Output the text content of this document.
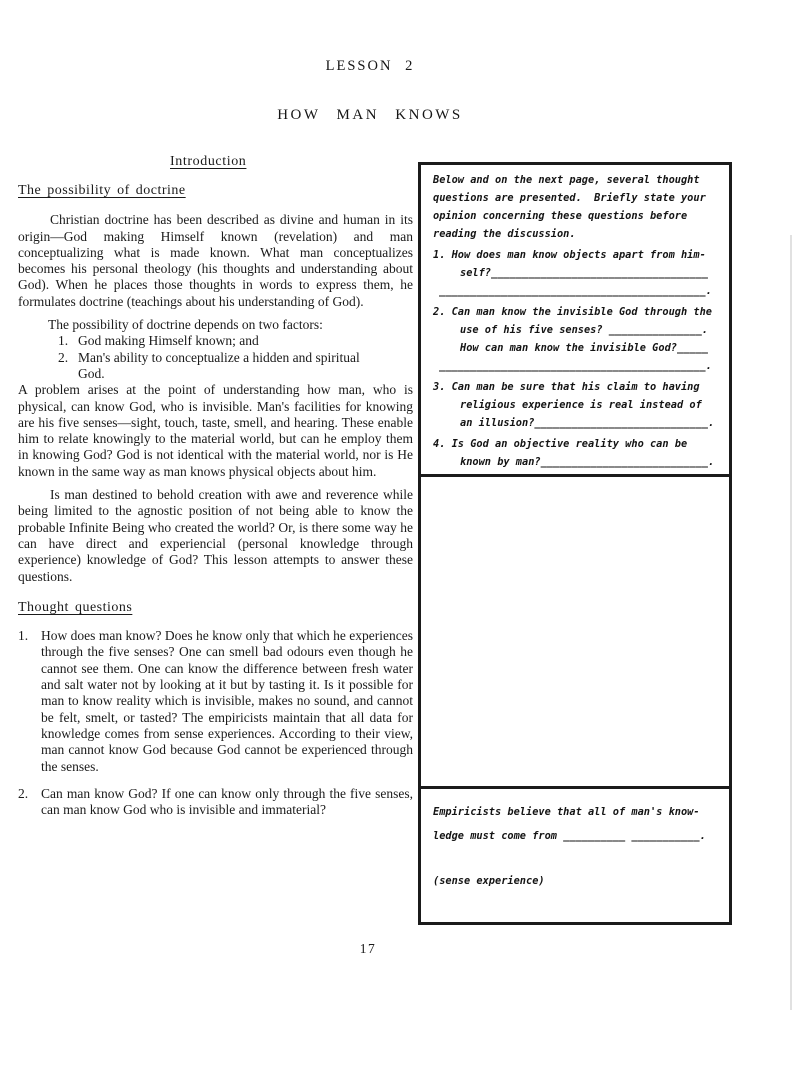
LESSON 2
HOW MAN KNOWS
Introduction
The possibility of doctrine

Christian doctrine has been described as divine and human in its origin—God making Himself known (revelation) and man conceptualizing what is made known. What man conceptualizes becomes his personal theology (his thoughts and understanding about God). When he places those thoughts in words to express them, he formulates doctrine (teachings about his understanding of God).

The possibility of doctrine depends on two factors:

1. God making Himself known; and
2. Man's ability to conceptualize a hidden and spiritual God.

A problem arises at the point of understanding how man, who is physical, can know God, who is invisible. Man's facilities for knowing are his five senses—sight, touch, taste, smell, and hearing. These enable him to relate knowingly to the material world, but can he employ them in knowing God? God is not identical with the material world, nor is He known in the same way as man knows physical objects about him.

Is man destined to behold creation with awe and reverence while being limited to the agnostic position of not being able to know the probable Infinite Being who created the world? Or, is there some way he can have direct and experiencial (personal knowledge through experience) knowledge of God? This lesson attempts to answer these questions.

Thought questions
1. How does man know? Does he know only that which he experiences through the five senses? One can smell bad odours even though he cannot see them. One can know the difference between fresh water and salt water not by looking at it but by tasting it. Is it possible for man to know reality which is invisible, makes no sound, and cannot be felt, smelt, or tasted? The empiricists maintain that all data for knowledge comes from sense experiences. According to their view, man cannot know God because God cannot be experienced through the senses.
2. Can man know God? If one can know only through the five senses, can man know God who is invisible and immaterial?
Below and on the next page, several thought
questions are presented.  Briefly state your
opinion concerning these questions before
reading the discussion.
1. How does man know objects apart from him-
self?___________________________________
___________________________________________.
2. Can man know the invisible God through the
use of his five senses? _______________.
How can man know the invisible God?_____
___________________________________________.
3. Can man be sure that his claim to having
religious experience is real instead of
an illusion?____________________________.
4. Is God an objective reality who can be
known by man?___________________________.
Empiricists believe that all of man's know-
ledge must come from __________ ___________.
(sense experience)
17
